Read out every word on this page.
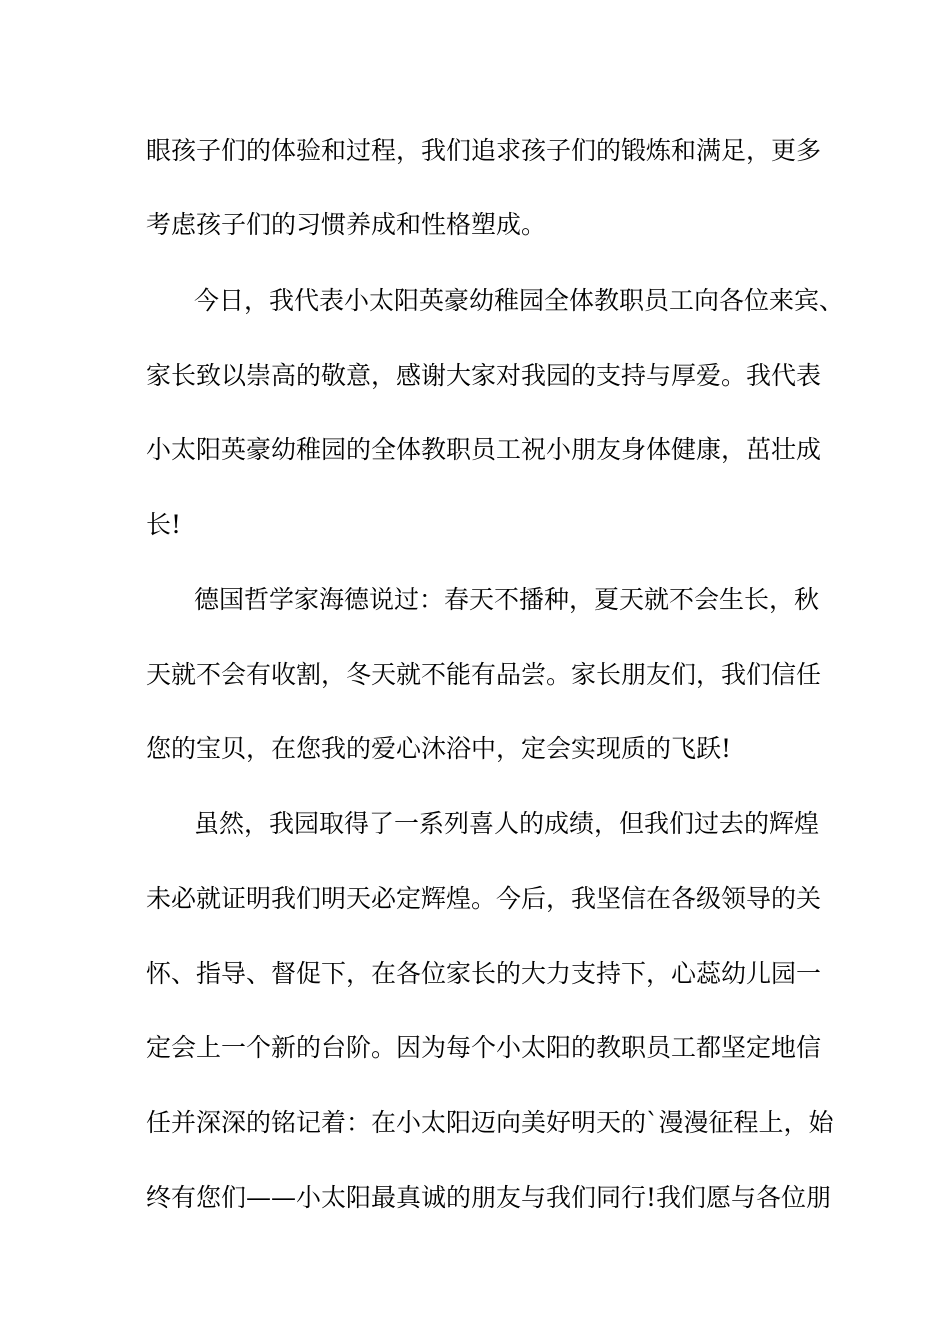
眼孩子们的体验和过程，我们追求孩子们的锻炼和满足，更多
考虑孩子们的习惯养成和性格塑成。
今日，我代表小太阳英豪幼稚园全体教职员工向各位来宾、
家长致以崇高的敬意，感谢大家对我园的支持与厚爱。我代表
小太阳英豪幼稚园的全体教职员工祝小朋友身体健康，茁壮成
长!
德国哲学家海德说过：春天不播种，夏天就不会生长，秋
天就不会有收割，冬天就不能有品尝。家长朋友们，我们信任
您的宝贝，在您我的爱心沐浴中，定会实现质的飞跃!
虽然，我园取得了一系列喜人的成绩，但我们过去的辉煌
未必就证明我们明天必定辉煌。今后，我坚信在各级领导的关
怀、指导、督促下，在各位家长的大力支持下，心蕊幼儿园一
定会上一个新的台阶。因为每个小太阳的教职员工都坚定地信
任并深深的铭记着：在小太阳迈向美好明天的`漫漫征程上，始
终有您们——小太阳最真诚的朋友与我们同行!我们愿与各位朋
